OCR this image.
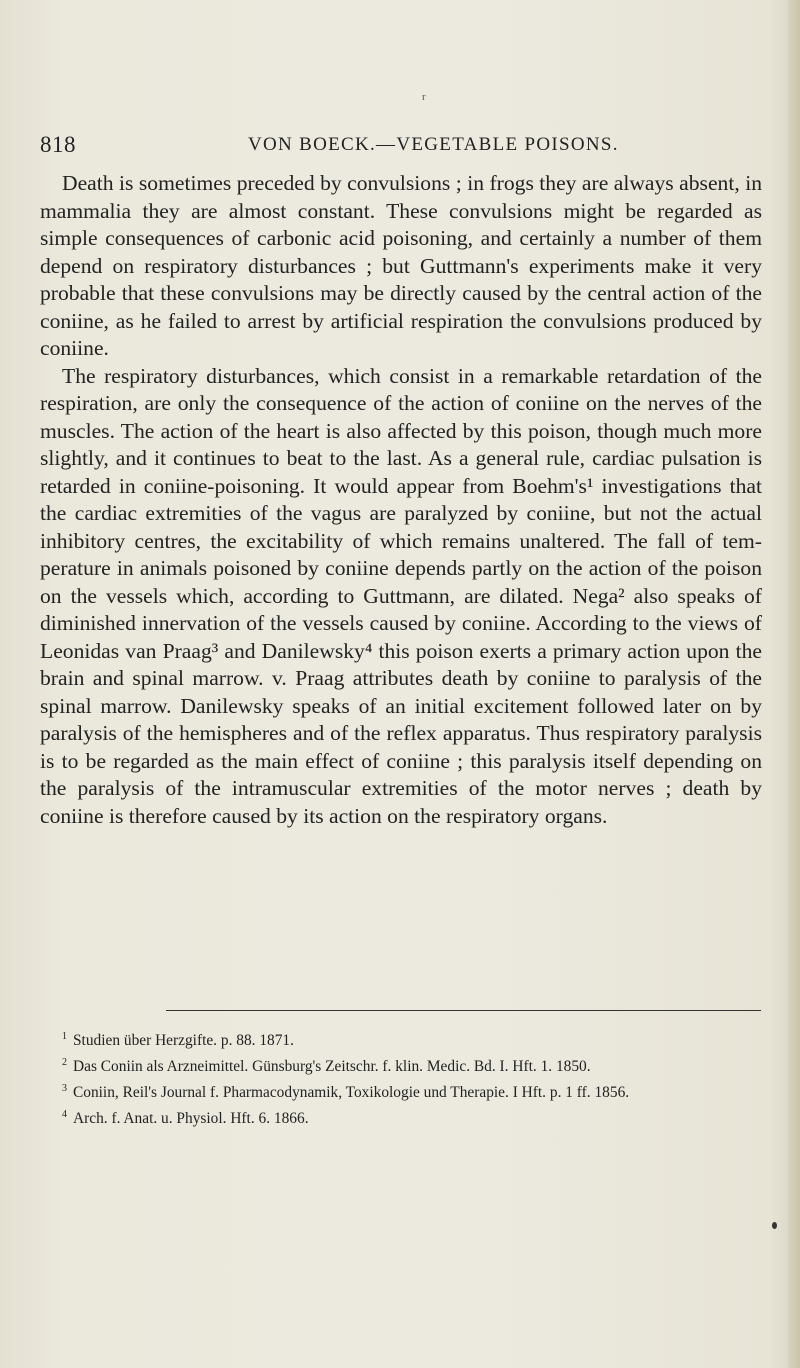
r
818	VON BOECK.—VEGETABLE POISONS.

Death is sometimes preceded by convulsions ; in frogs they are always absent, in mammalia they are almost constant. These convulsions might be regarded as simple consequences of carbonic acid poisoning, and certainly a number of them depend on respiratory disturbances ; but Guttmann's experiments make it very probable that these convulsions may be directly caused by the central action of the coniine, as he failed to arrest by artificial respiration the convulsions produced by coniine.

The respiratory disturbances, which consist in a remarkable retardation of the respiration, are only the consequence of the action of coniine on the nerves of the muscles. The action of the heart is also affected by this poison, though much more slightly, and it continues to beat to the last. As a general rule, cardiac pulsation is retarded in coniine-poisoning. It would appear from Boehm's¹ investigations that the cardiac extremities of the vagus are paralyzed by coniine, but not the actual inhibitory centres, the excitability of which remains unaltered. The fall of temperature in animals poisoned by coniine depends partly on the action of the poison on the vessels which, according to Guttmann, are dilated. Nega² also speaks of diminished innervation of the vessels caused by coniine. According to the views of Leonidas van Praag³ and Danilewsky⁴ this poison exerts a primary action upon the brain and spinal marrow. v. Praag attributes death by coniine to paralysis of the spinal marrow. Danilewsky speaks of an initial excitement followed later on by paralysis of the hemispheres and of the reflex apparatus. Thus respiratory paralysis is to be regarded as the main effect of coniine ; this paralysis itself depending on the paralysis of the intramuscular extremities of the motor nerves ; death by coniine is therefore caused by its action on the respiratory organs.

$^1$ Studien über Herzgifte. p. 88. 1871.

$^2$ Das Coniin als Arzneimittel. Günsburg's Zeitschr. f. klin. Medic. Bd. I. Hft. 1. 1850.

$^3$ Coniin, Reil's Journal f. Pharmacodynamik, Toxikologie und Therapie. I Hft. p. 1 ff. 1856.

$^4$ Arch. f. Anat. u. Physiol. Hft. 6. 1866.
